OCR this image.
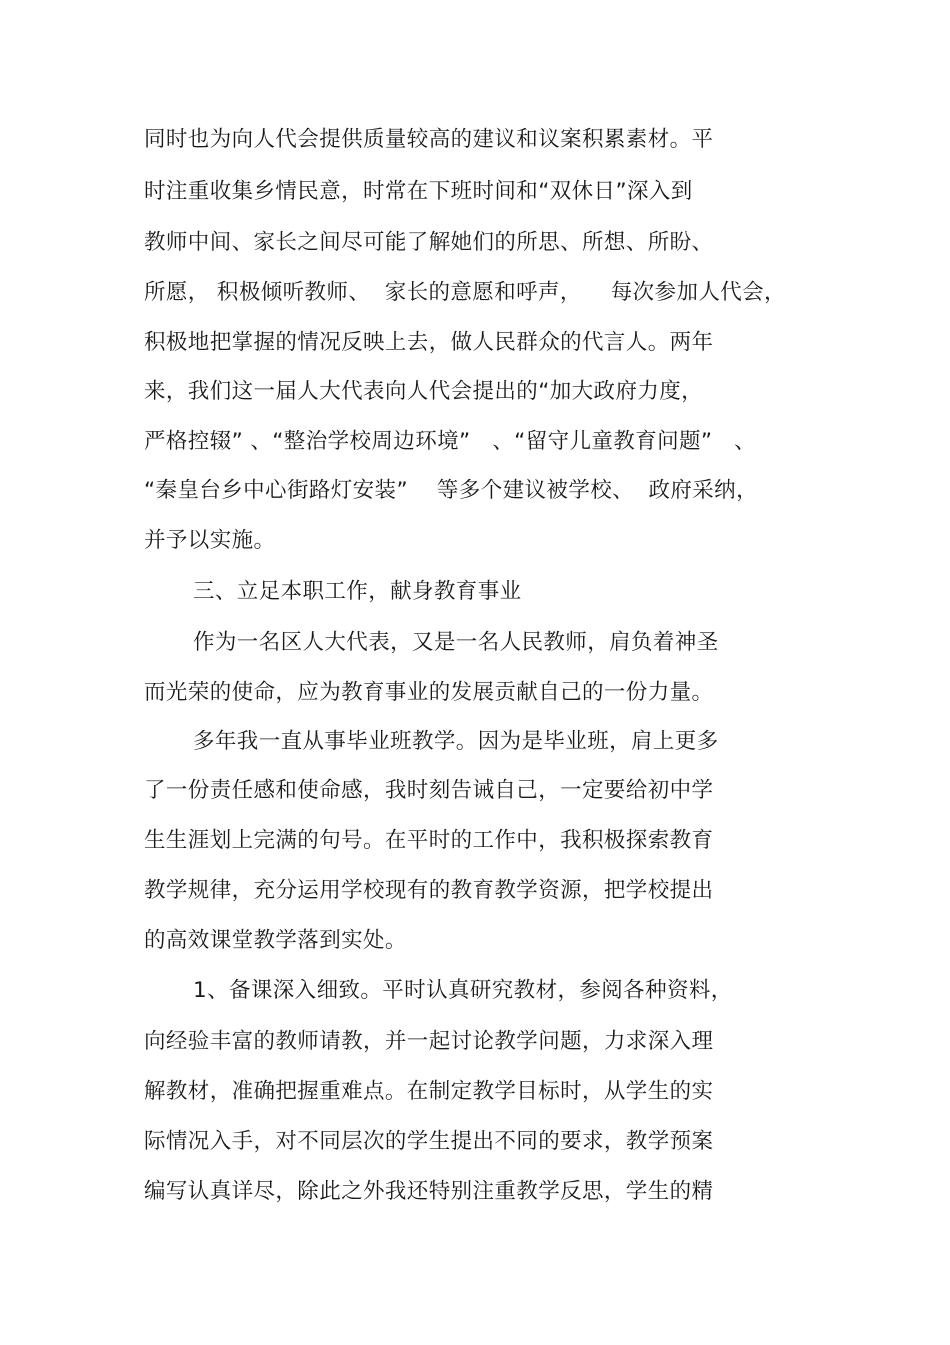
同时也为向人代会提供质量较高的建议和议案积累素材。平
时注重收集乡情民意，时常在下班时间和“双休日”深入到
教师中间、家长之间尽可能了解她们的所思、所想、所盼、
所愿， 积极倾听教师、  家长的意愿和呼声，    每次参加人代会，
积极地把掌握的情况反映上去，做人民群众的代言人。两年
来，我们这一届人大代表向人代会提出的“加大政府力度，
严格控辍” 、“整治学校周边环境”   、“留守儿童教育问题”   、
“秦皇台乡中心街路灯安装”    等多个建议被学校、  政府采纳，
并予以实施。
三、立足本职工作，献身教育事业
作为一名区人大代表，又是一名人民教师，肩负着神圣
而光荣的使命，应为教育事业的发展贡献自己的一份力量。
多年我一直从事毕业班教学。因为是毕业班，肩上更多
了一份责任感和使命感，我时刻告诫自己，一定要给初中学
生生涯划上完满的句号。在平时的工作中，我积极探索教育
教学规律，充分运用学校现有的教育教学资源，把学校提出
的高效课堂教学落到实处。
1、备课深入细致。平时认真研究教材，参阅各种资料，
向经验丰富的教师请教，并一起讨论教学问题，力求深入理
解教材，准确把握重难点。在制定教学目标时，从学生的实
际情况入手，对不同层次的学生提出不同的要求，教学预案
编写认真详尽，除此之外我还特别注重教学反思，学生的精
